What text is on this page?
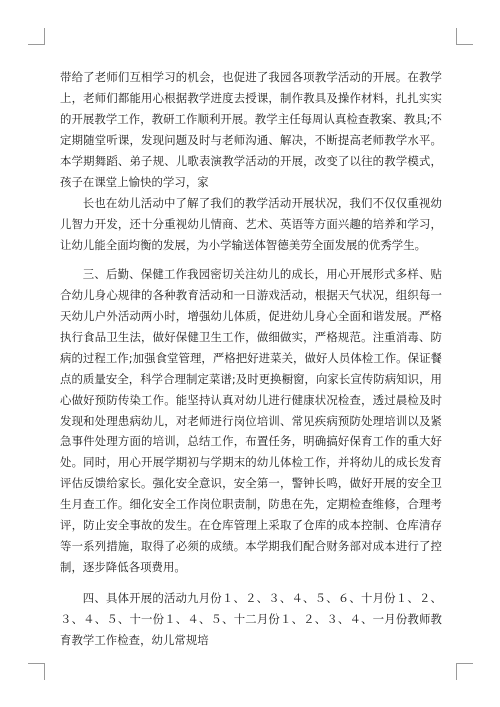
带给了老师们互相学习的机会，也促进了我园各项教学活动的开展。在教学上，老师们都能用心根据教学进度去授课，制作教具及操作材料，扎扎实实的开展教学工作，教研工作顺利开展。教学主任每周认真检查教案、教具;不定期随堂听课，发现问题及时与老师沟通、解决，不断提高老师教学水平。本学期舞蹈、弟子规、儿歌表演教学活动的开展，改变了以往的教学模式，孩子在课堂上愉快的学习，家

长也在幼儿活动中了解了我们的教学活动开展状况，我们不仅仅重视幼儿智力开发，还十分重视幼儿情商、艺术、英语等方面兴趣的培养和学习，让幼儿能全面均衡的发展，为小学输送体智德美劳全面发展的优秀学生。

三、后勤、保健工作我园密切关注幼儿的成长，用心开展形式多样、贴合幼儿身心规律的各种教育活动和一日游戏活动，根据天气状况，组织每一天幼儿户外活动两小时，增强幼儿体质，促进幼儿身心全面和谐发展。严格执行食品卫生法，做好保健卫生工作，做细做实，严格规范。注重消毒、防病的过程工作;加强食堂管理，严格把好进菜关，做好人员体检工作。保证餐点的质量安全，科学合理制定菜谱;及时更换橱窗，向家长宣传防病知识，用心做好预防传染工作。能坚持认真对幼儿进行健康状况检查，透过晨检及时发现和处理患病幼儿，对老师进行岗位培训、常见疾病预防处理培训以及紧急事件处理方面的培训，总结工作，布置任务，明确搞好保育工作的重大好处。同时，用心开展学期初与学期末的幼儿体检工作，并将幼儿的成长发育评估反馈给家长。强化安全意识，安全第一，警钟长鸣，做好开展的安全卫生月查工作。细化安全工作岗位职责制，防患在先，定期检查维修，合理考评，防止安全事故的发生。在仓库管理上采取了仓库的成本控制、仓库清存等一系列措施，取得了必须的成绩。本学期我们配合财务部对成本进行了控制，逐步降低各项费用。

四、具体开展的活动九月份１、２、３、４、５、６、十月份１、２、３、４、５、十一份１、４、５、十二月份１、２、３、４、一月份教师教育教学工作检查，幼儿常规培
